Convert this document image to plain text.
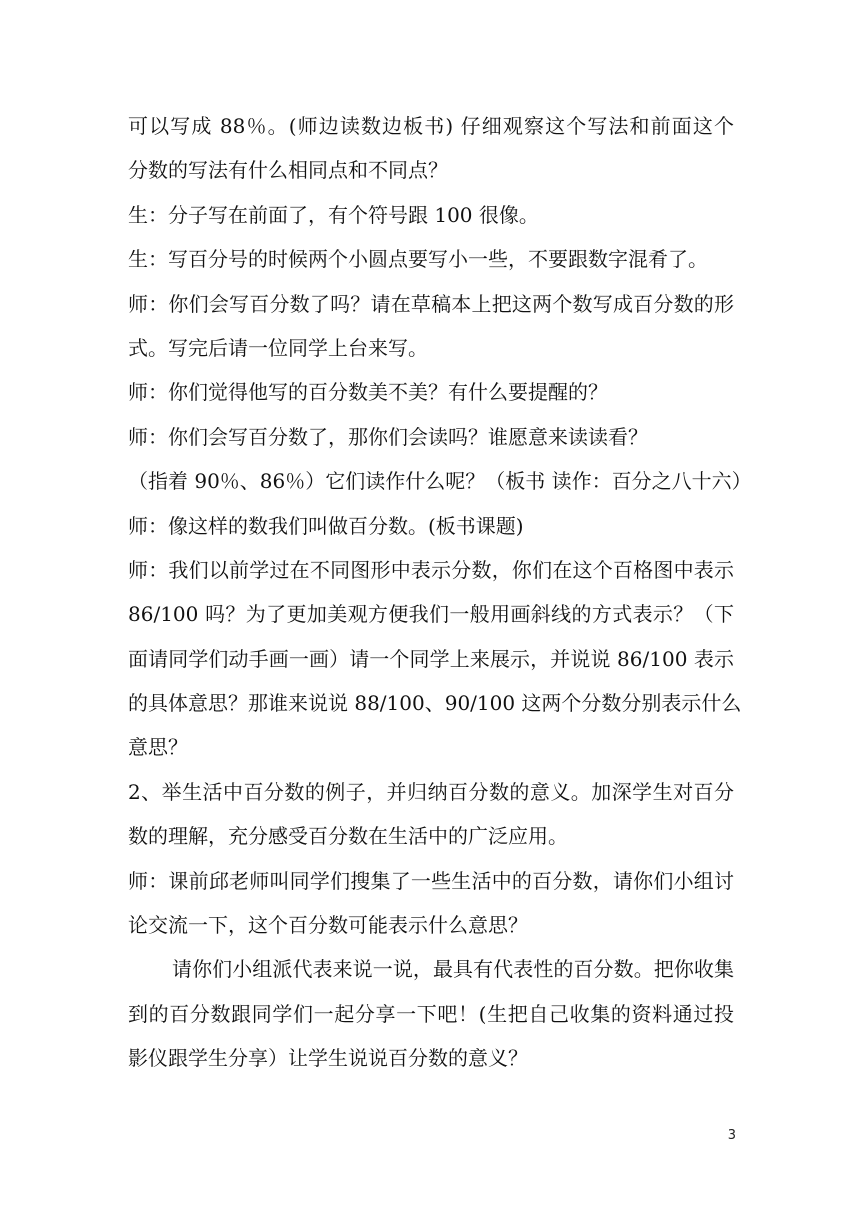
可以写成 88％。(师边读数边板书) 仔细观察这个写法和前面这个
分数的写法有什么相同点和不同点？
生：分子写在前面了，有个符号跟 100 很像。
生：写百分号的时候两个小圆点要写小一些，不要跟数字混肴了。
师：你们会写百分数了吗？请在草稿本上把这两个数写成百分数的形
式。写完后请一位同学上台来写。
师：你们觉得他写的百分数美不美？有什么要提醒的？
师：你们会写百分数了，那你们会读吗？谁愿意来读读看？
（指着 90％、86％）它们读作什么呢？（板书 读作：百分之八十六）
师：像这样的数我们叫做百分数。(板书课题)
师：我们以前学过在不同图形中表示分数，你们在这个百格图中表示
86/100 吗？为了更加美观方便我们一般用画斜线的方式表示？（下
面请同学们动手画一画）请一个同学上来展示，并说说 86/100 表示
的具体意思？那谁来说说 88/100、90/100 这两个分数分别表示什么
意思？
2、举生活中百分数的例子，并归纳百分数的意义。加深学生对百分
数的理解，充分感受百分数在生活中的广泛应用。
师：课前邱老师叫同学们搜集了一些生活中的百分数，请你们小组讨
论交流一下，这个百分数可能表示什么意思？
请你们小组派代表来说一说，最具有代表性的百分数。把你收集
到的百分数跟同学们一起分享一下吧！(生把自己收集的资料通过投
影仪跟学生分享）让学生说说百分数的意义？
3
